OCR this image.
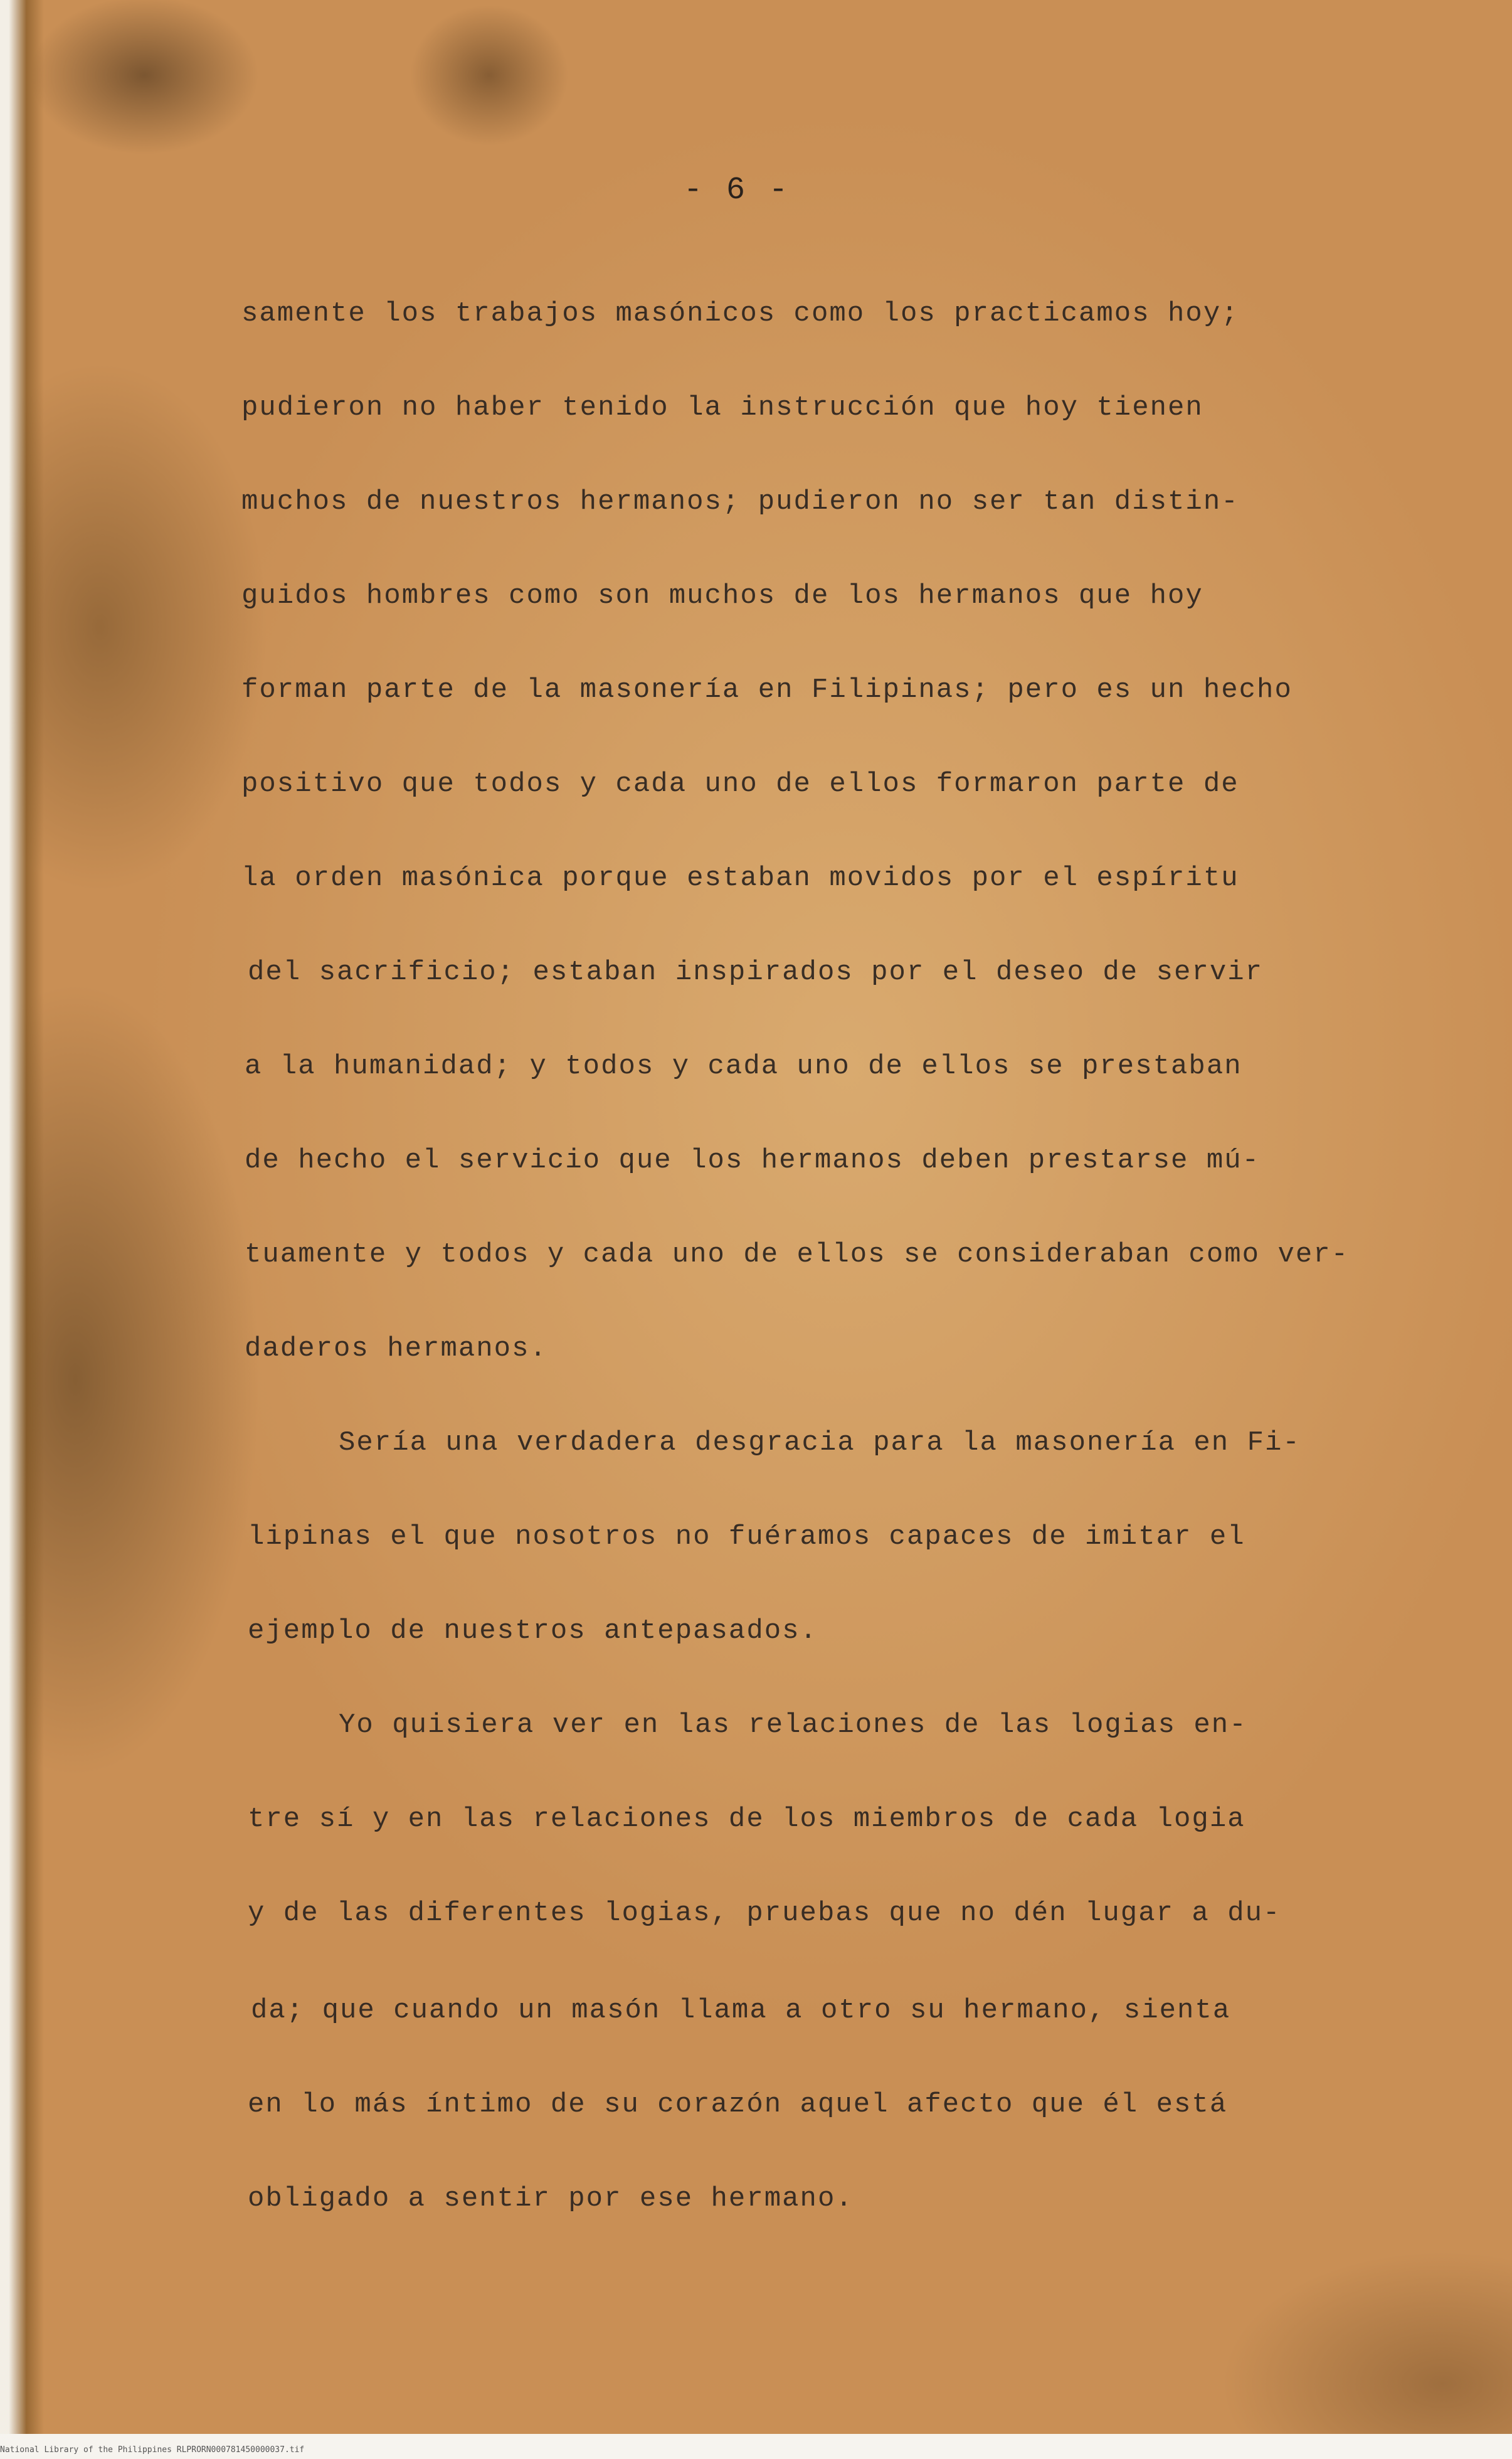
- 6 -
samente los trabajos masónicos como los practicamos hoy;
pudieron no haber tenido la instrucción que hoy tienen
muchos de nuestros hermanos; pudieron no ser tan distin-
guidos hombres como son muchos de los hermanos que hoy
forman parte de la masonería en Filipinas; pero es un hecho
positivo que todos y cada uno de ellos formaron parte de
la orden masónica porque estaban movidos por el espíritu
del sacrificio; estaban inspirados por el deseo de servir
a la humanidad; y todos y cada uno de ellos se prestaban
de hecho el servicio que los hermanos deben prestarse mú-
tuamente y todos y cada uno de ellos se consideraban como ver-
daderos hermanos.
Sería una verdadera desgracia para la masonería en Fi-
lipinas el que nosotros no fuéramos capaces de imitar el
ejemplo de nuestros antepasados.
Yo quisiera ver en las relaciones de las logias en-
tre sí y en las relaciones de los miembros de cada logia
y de las diferentes logias, pruebas que no dén lugar a du-
da; que cuando un masón llama a otro su hermano, sienta
en lo más íntimo de su corazón aquel afecto que él está
obligado a sentir por ese hermano.
National Library of the Philippines RLPRORN000781450000037.tif
